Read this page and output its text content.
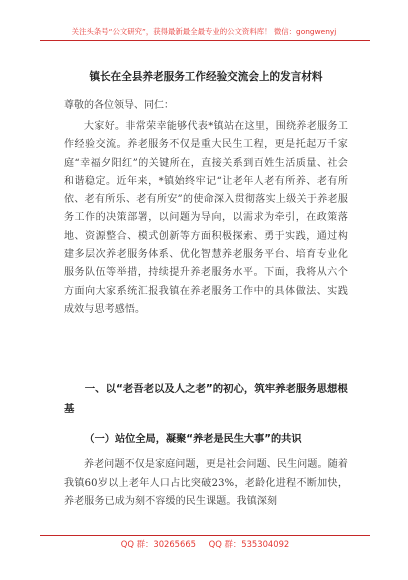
关注头条号“公文研究”，获得最新最全最专业的公文资料库！ 微信：gongwenyj
镇长在全县养老服务工作经验交流会上的发言材料
尊敬的各位领导、同仁：

大家好。非常荣幸能够代表*镇站在这里，围绕养老服务工作经验交流。养老服务不仅是重大民生工程，更是托起万千家庭“幸福夕阳红”的关键所在，直接关系到百姓生活质量、社会和谐稳定。近年来，*镇始终牢记“让老年人老有所养、老有所依、老有所乐、老有所安”的使命深入贯彻落实上级关于养老服务工作的决策部署，以问题为导向，以需求为牵引，在政策落地、资源整合、模式创新等方面积极探索、勇于实践，通过构建多层次养老服务体系、优化智慧养老服务平台、培育专业化服务队伍等举措，持续提升养老服务水平。下面，我将从六个方面向大家系统汇报我镇在养老服务工作中的具体做法、实践成效与思考感悟。

一、以“老吾老以及人之老”的初心，筑牢养老服务思想根基
（一）站位全局，凝聚“养老是民生大事”的共识

养老问题不仅是家庭问题，更是社会问题、民生问题。随着我镇60岁以上老年人口占比突破23%，老龄化进程不断加快，养老服务已成为刻不容缓的民生课题。我镇深刻

QQ 群：30265665 QQ 群：535304092
